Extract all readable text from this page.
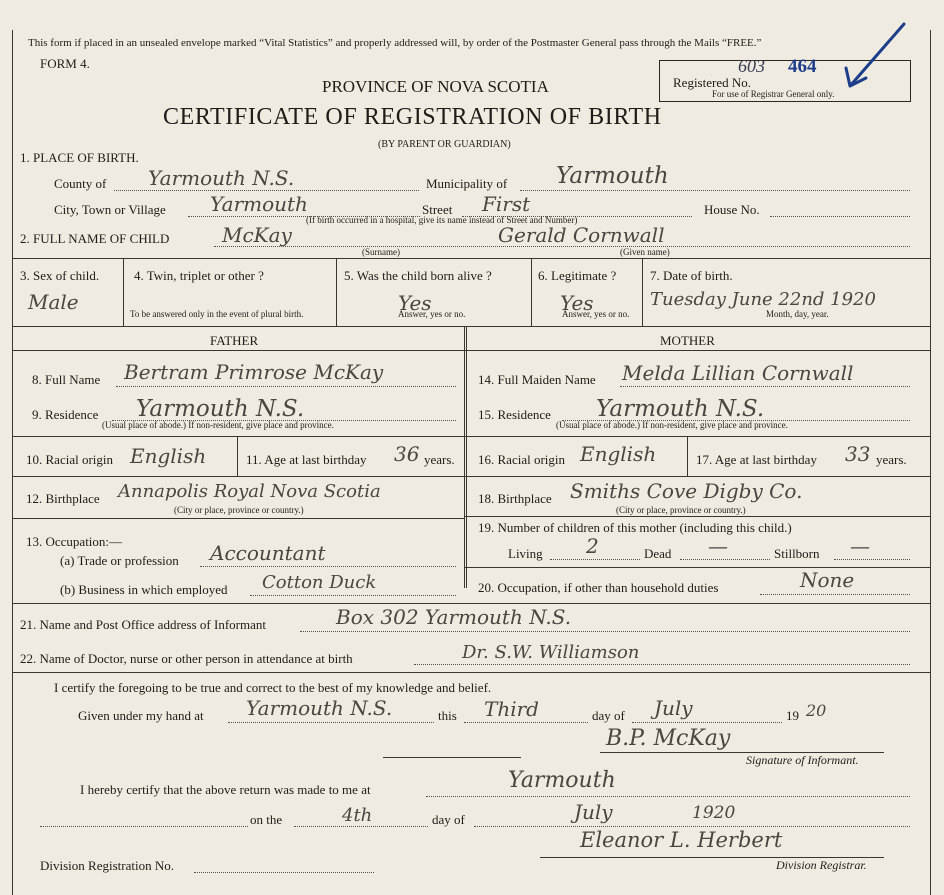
This form if placed in an unsealed envelope marked “Vital Statistics” and properly addressed will, by order of the Postmaster General pass through the Mails “FREE.”
FORM 4.
PROVINCE OF NOVA SCOTIA
CERTIFICATE OF REGISTRATION OF BIRTH
(BY PARENT OR GUARDIAN)
Registered No.
603 464
For use of Registrar General only.
1. PLACE OF BIRTH.
County of Yarmouth N.S.	Municipality of Yarmouth
City, Town or Village Yarmouth	Street First
(If birth occurred in a hospital, give its name instead of Street and Number)
House No.
2. FULL NAME OF CHILD	McKay
(Surname)
Gerald Cornwall
(Given name)
3. Sex of child.
Male
4. Twin, triplet or other ?
To be answered only in the event of plural birth.
5. Was the child born alive ?
Yes
Answer, yes or no.
6. Legitimate ?
Yes
Answer, yes or no.
7. Date of birth.
Tuesday June 22nd 1920
Month, day, year.
FATHER	MOTHER
8. Full Name Bertram Primrose McKay
9. Residence Yarmouth N.S.
(Usual place of abode.) If non-resident, give place and province.
10. Racial origin English	11. Age at last birthday 36 years.
12. Birthplace Annapolis Royal Nova Scotia
(City or place, province or country.)
13. Occupation:—
(a) Trade or profession Accountant
(b) Business in which employed Cotton Duck
14. Full Maiden Name Melda Lillian Cornwall
15. Residence Yarmouth N.S.
(Usual place of abode.) If non-resident, give place and province.
16. Racial origin English	17. Age at last birthday 33 years.
18. Birthplace Smiths Cove Digby Co.
(City or place, province or country.)
19. Number of children of this mother (including this child.)
Living 2	Dead —	Stillborn —
20. Occupation, if other than household duties	None
21. Name and Post Office address of Informant	Box 302 Yarmouth N.S.
22. Name of Doctor, nurse or other person in attendance at birth	Dr. S.W. Williamson
I certify the foregoing to be true and correct to the best of my knowledge and belief.
Given under my hand at Yarmouth N.S.	this Third	day of July	19 20
B.P. McKay
Signature of Informant.
I hereby certify that the above return was made to me at	Yarmouth
on the	4th	day of	July	1920
Eleanor L. Herbert
Division Registrar.
Division Registration No.
